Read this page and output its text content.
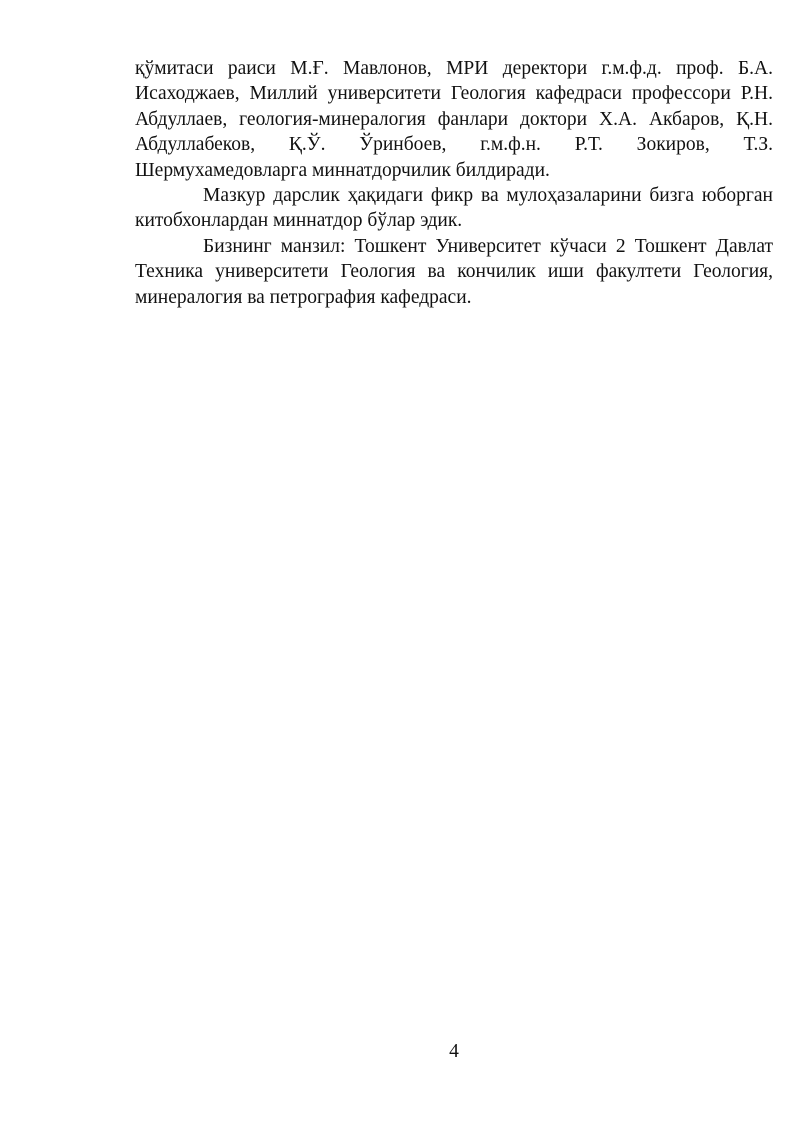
қўмитаси раиси М.Ғ. Мавлонов, МРИ деректори г.м.ф.д. проф. Б.А. Исаходжаев, Миллий университети Геология кафедраси профессори Р.Н. Абдуллаев, геология-минералогия фанлари доктори Х.А. Акбаров, Қ.Н. Абдуллабеков, Қ.Ў. Ўринбоев, г.м.ф.н. Р.Т. Зокиров, Т.З. Шермухамедовларга миннатдорчилик билдиради.

Мазкур дарслик ҳақидаги фикр ва мулоҳазаларини бизга юборган китобхонлардан миннатдор бўлар эдик.

Бизнинг манзил: Тошкент Университет кўчаси 2 Тошкент Давлат Техника университети Геология ва кончилик иши факултети Геология, минералогия ва петрография кафедраси.

4
